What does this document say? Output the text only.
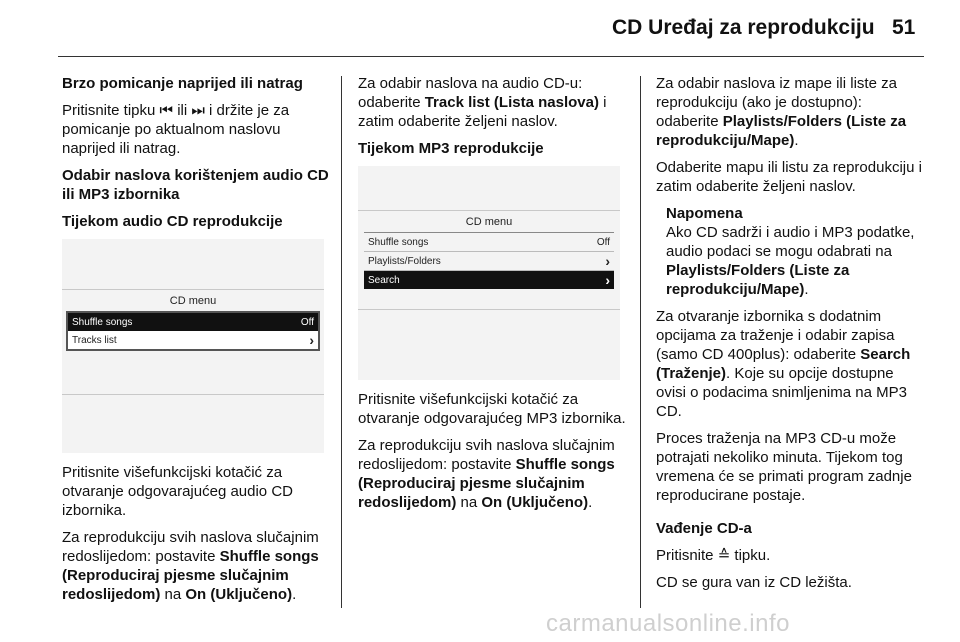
CD Uređaj za reprodukciju 51

Brzo pomicanje naprijed ili natrag

Pritisnite tipku ⏮ ili ⏭ i držite je za pomicanje po aktualnom naslovu naprijed ili natrag.

Odabir naslova korištenjem audio CD ili MP3 izbornika

Tijekom audio CD reprodukcije

CD menu
Shuffle songs	Off
Tracks list	›

Pritisnite višefunkcijski kotačić za otvaranje odgovarajućeg audio CD izbornika.

Za reprodukciju svih naslova slučajnim redoslijedom: postavite Shuffle songs (Reproduciraj pjesme slučajnim redoslijedom) na On (Uključeno).

Za odabir naslova na audio CD-u: odaberite Track list (Lista naslova) i zatim odaberite željeni naslov.

Tijekom MP3 reprodukcije

CD menu
Shuffle songs	Off
Playlists/Folders	›
Search	›

Pritisnite višefunkcijski kotačić za otvaranje odgovarajućeg MP3 izbornika.

Za reprodukciju svih naslova slučajnim redoslijedom: postavite Shuffle songs (Reproduciraj pjesme slučajnim redoslijedom) na On (Uključeno).

Za odabir naslova iz mape ili liste za reprodukciju (ako je dostupno): odaberite Playlists/Folders (Liste za reprodukciju/Mape).

Odaberite mapu ili listu za reprodukciju i zatim odaberite željeni naslov.

Napomena
Ako CD sadrži i audio i MP3 podatke, audio podaci se mogu odabrati na Playlists/Folders (Liste za reprodukciju/Mape).

Za otvaranje izbornika s dodatnim opcijama za traženje i odabir zapisa (samo CD 400plus): odaberite Search (Traženje). Koje su opcije dostupne ovisi o podacima snimljenima na MP3 CD.

Proces traženja na MP3 CD-u može potrajati nekoliko minuta. Tijekom tog vremena će se primati program zadnje reproducirane postaje.

Vađenje CD-a

Pritisnite ≙ tipku.

CD se gura van iz CD ležišta.

carmanualsonline.info
